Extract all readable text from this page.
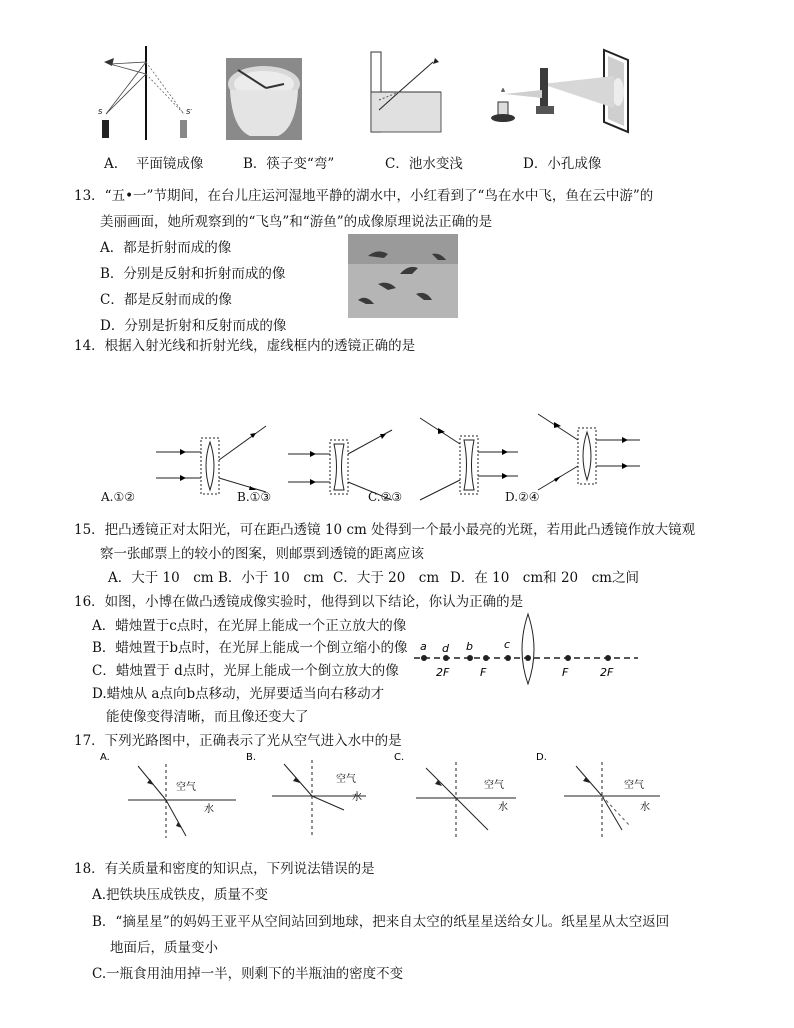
S	S′
A.　 平面镜成像	B．筷子变“弯”	C．池水变浅	D．小孔成像
13．“五•一”节期间，在台儿庄运河湿地平静的湖水中，小红看到了“鸟在水中飞，鱼在云中游”的
美丽画面，她所观察到的“飞鸟”和“游鱼”的成像原理说法正确的是
A．都是折射而成的像
B．分别是反射和折射而成的像
C．都是反射而成的像
D．分别是折射和反射而成的像
14．根据入射光线和折射光线，虚线框内的透镜正确的是
A.①②	B.①③	C.②③	D.②④
15．把凸透镜正对太阳光，可在距凸透镜 10 cm 处得到一个最小最亮的光斑，若用此凸透镜作放大镜观
察一张邮票上的较小的图案，则邮票到透镜的距离应该
A．大于 10　cm B．小于 10　cm C．大于 20　cm D．在 10　cm和 20　cm之间
16．如图，小博在做凸透镜成像实验时，他得到以下结论，你认为正确的是
A．蜡烛置于c点时，在光屏上能成一个正立放大的像
B．蜡烛置于b点时，在光屏上能成一个倒立缩小的像
C．蜡烛置于 d点时，光屏上能成一个倒立放大的像
D.蜡烛从 a点向b点移动，光屏要适当向右移动才
能使像变得清晰，而且像还变大了
a d b	c
2F	F	F	2F
17．下列光路图中，正确表示了光从空气进入水中的是
A.
空气
水
B.
空气
水
C.
空气
水
D.
空气
水
18．有关质量和密度的知识点，下列说法错误的是
A.把铁块压成铁皮，质量不变
B．“摘星星”的妈妈王亚平从空间站回到地球，把来自太空的纸星星送给女儿。纸星星从太空返回
地面后，质量变小
C.一瓶食用油用掉一半，则剩下的半瓶油的密度不变
